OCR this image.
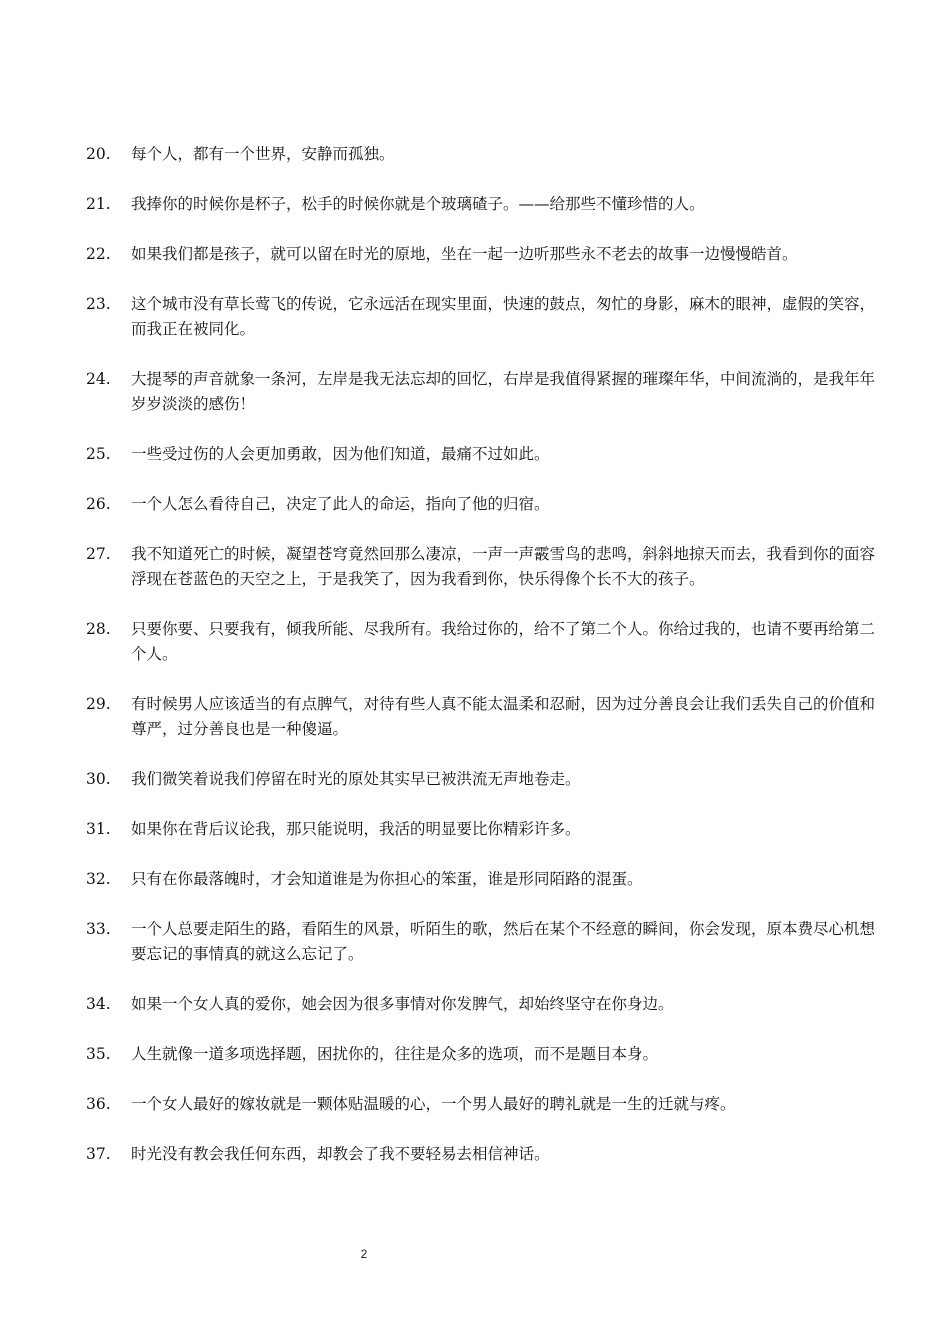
20.	每个人，都有一个世界，安静而孤独。
21.	我捧你的时候你是杯子，松手的时候你就是个玻璃碴子。——给那些不懂珍惜的人。
22.	如果我们都是孩子，就可以留在时光的原地，坐在一起一边听那些永不老去的故事一边慢慢皓首。
23.	这个城市没有草长莺飞的传说，它永远活在现实里面，快速的鼓点，匆忙的身影，麻木的眼神，虚假的笑容，而我正在被同化。
24.	大提琴的声音就象一条河，左岸是我无法忘却的回忆，右岸是我值得紧握的璀璨年华，中间流淌的，是我年年岁岁淡淡的感伤！
25.	一些受过伤的人会更加勇敢，因为他们知道，最痛不过如此。
26.	一个人怎么看待自己，决定了此人的命运，指向了他的归宿。
27.	我不知道死亡的时候，凝望苍穹竟然回那么凄凉，一声一声霰雪鸟的悲鸣，斜斜地掠天而去，我看到你的面容浮现在苍蓝色的天空之上，于是我笑了，因为我看到你，快乐得像个长不大的孩子。
28.	只要你要、只要我有，倾我所能、尽我所有。我给过你的，给不了第二个人。你给过我的，也请不要再给第二个人。
29.	有时候男人应该适当的有点脾气，对待有些人真不能太温柔和忍耐，因为过分善良会让我们丢失自己的价值和尊严，过分善良也是一种傻逼。
30.	我们微笑着说我们停留在时光的原处其实早已被洪流无声地卷走。
31.	如果你在背后议论我，那只能说明，我活的明显要比你精彩许多。
32.	只有在你最落魄时，才会知道谁是为你担心的笨蛋，谁是形同陌路的混蛋。
33.	一个人总要走陌生的路，看陌生的风景，听陌生的歌，然后在某个不经意的瞬间，你会发现，原本费尽心机想要忘记的事情真的就这么忘记了。
34.	如果一个女人真的爱你，她会因为很多事情对你发脾气，却始终坚守在你身边。
35.	人生就像一道多项选择题，困扰你的，往往是众多的选项，而不是题目本身。
36.	一个女人最好的嫁妆就是一颗体贴温暖的心，一个男人最好的聘礼就是一生的迁就与疼。
37.	时光没有教会我任何东西，却教会了我不要轻易去相信神话。
2
